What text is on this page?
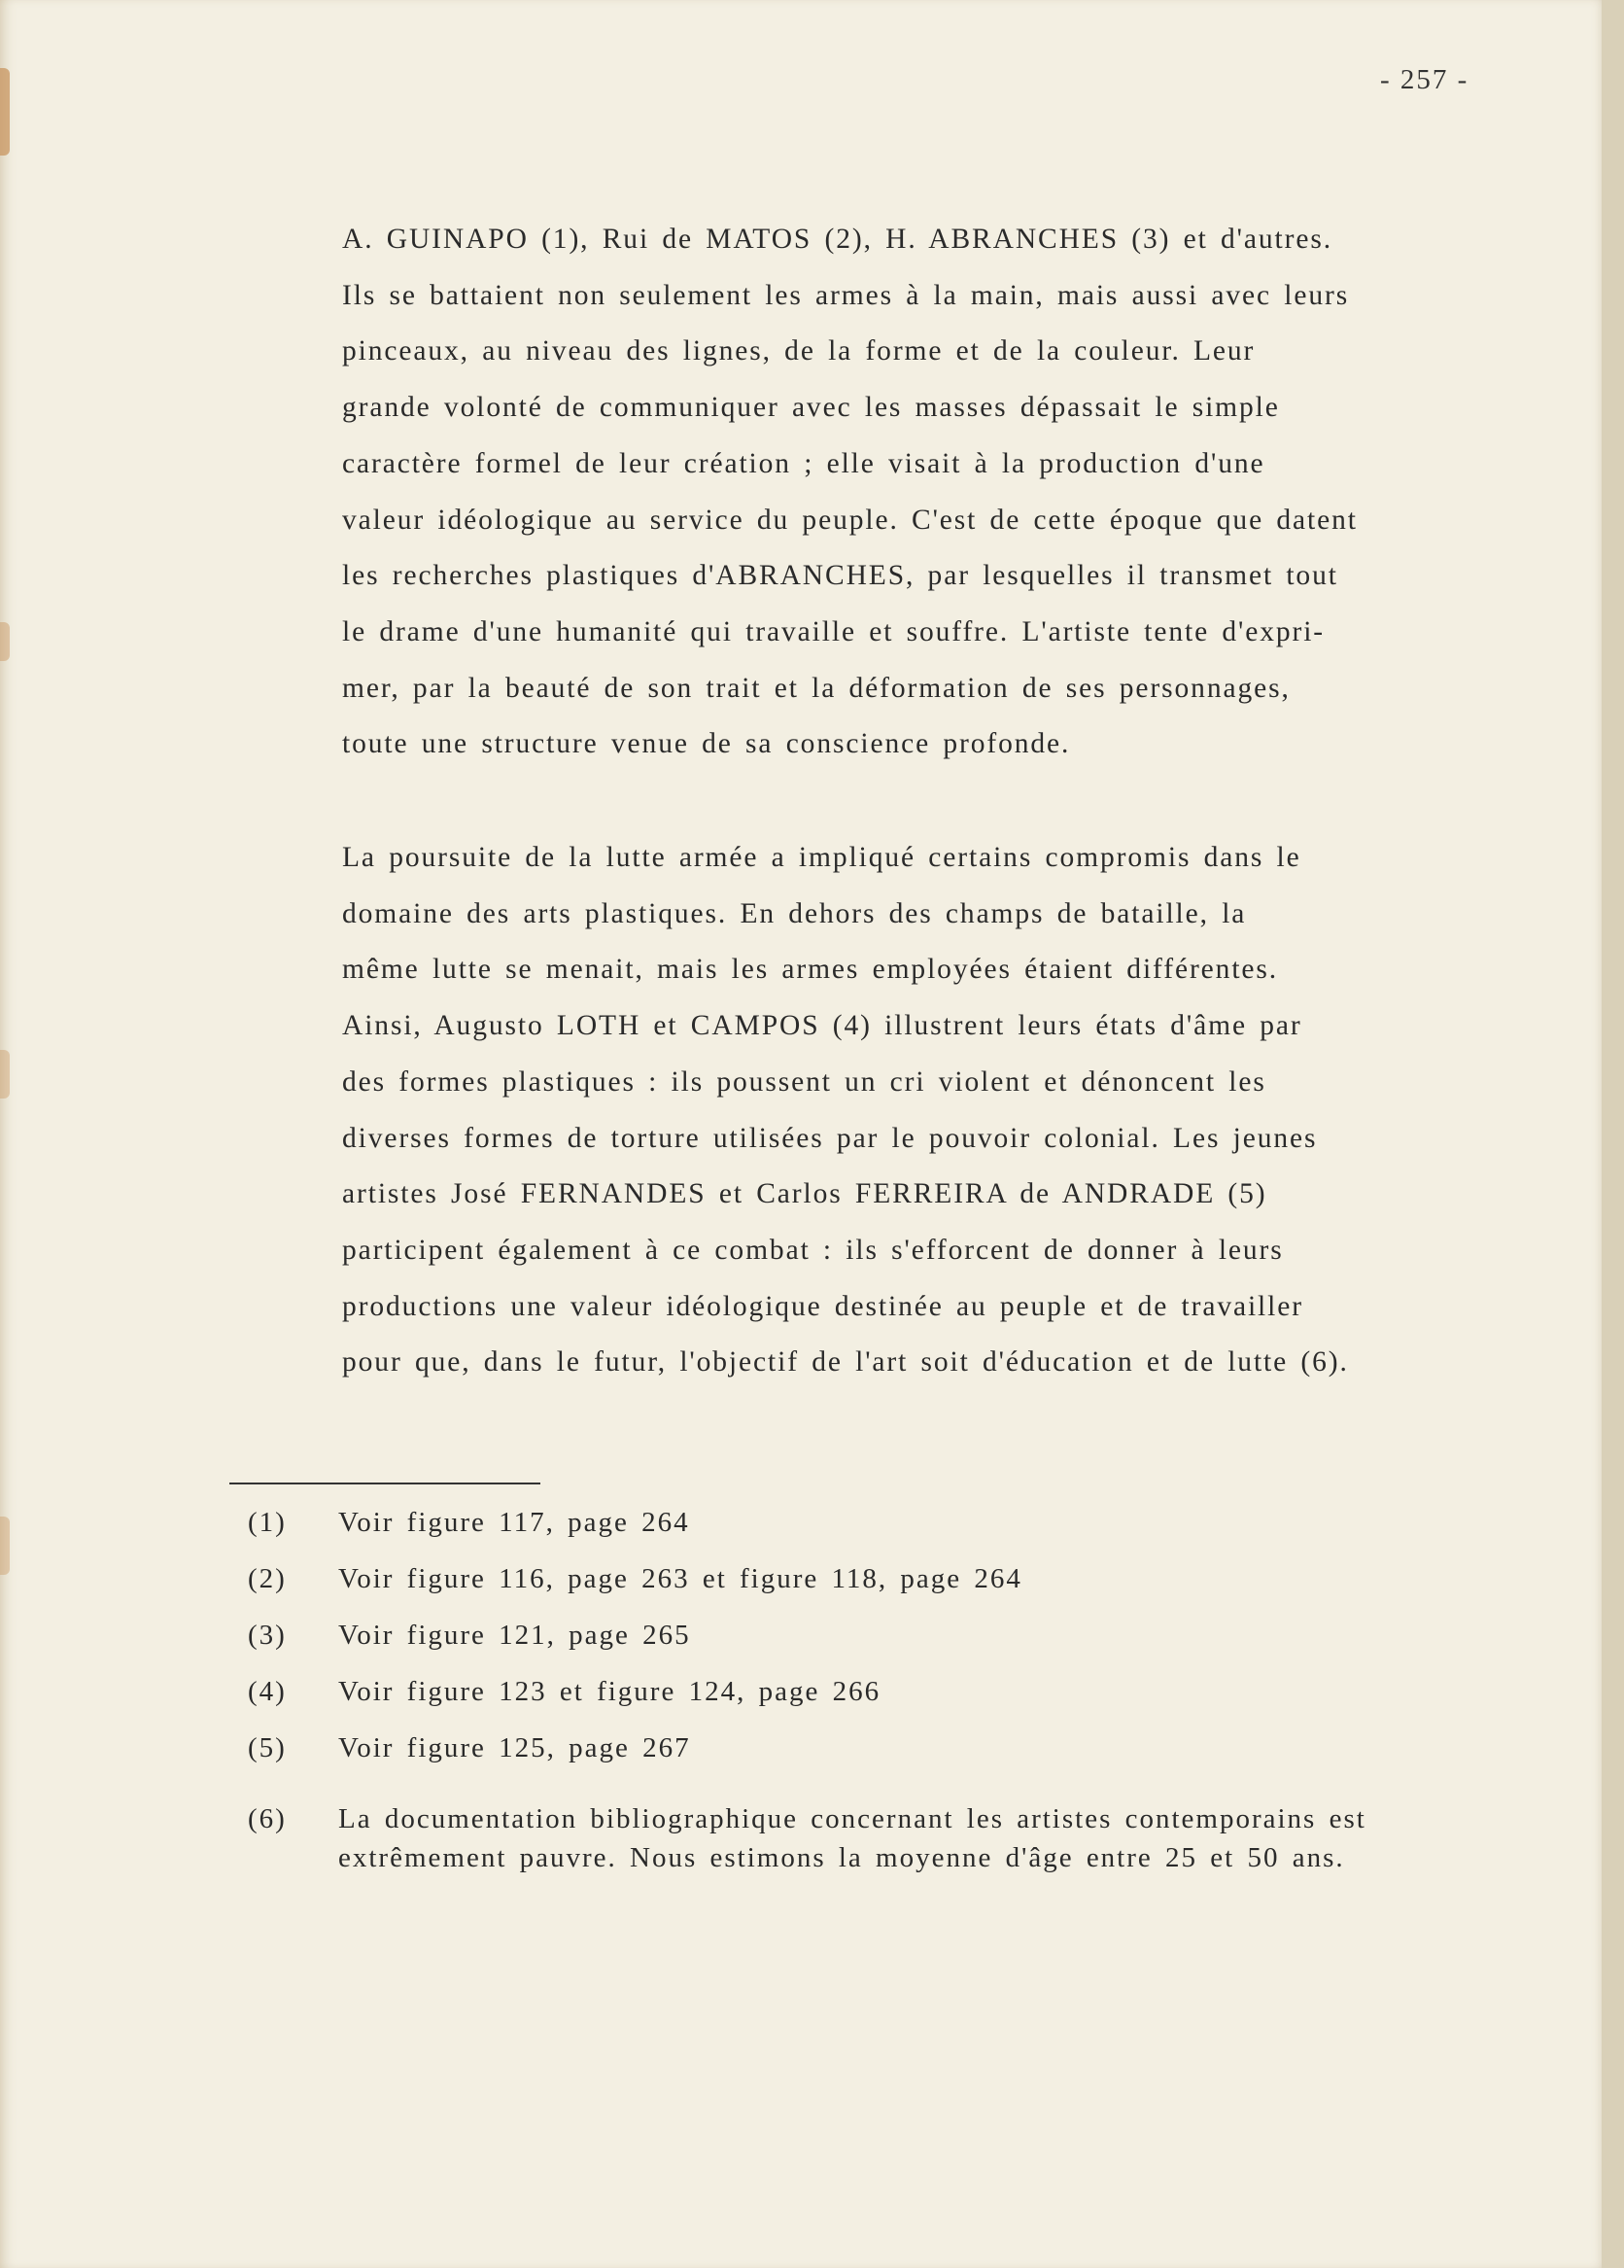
- 257 -
A. GUINAPO (1), Rui de MATOS (2), H. ABRANCHES (3) et d'autres.
Ils se battaient non seulement les armes à la main, mais aussi avec leurs
pinceaux, au niveau des lignes, de la forme et de la couleur. Leur
grande volonté de communiquer avec les masses dépassait le simple
caractère formel de leur création ; elle visait à la production d'une
valeur idéologique au service du peuple. C'est de cette époque que datent
les recherches plastiques d'ABRANCHES, par lesquelles il transmet tout
le drame d'une humanité qui travaille et souffre. L'artiste tente d'expri-
mer, par la beauté de son trait et la déformation de ses personnages,
toute une structure venue de sa conscience profonde.
La poursuite de la lutte armée a impliqué certains compromis dans le
domaine des arts plastiques. En dehors des champs de bataille, la
même lutte se menait, mais les armes employées étaient différentes.
Ainsi, Augusto LOTH et CAMPOS (4) illustrent leurs états d'âme par
des formes plastiques : ils poussent un cri violent et dénoncent les
diverses formes de torture utilisées par le pouvoir colonial. Les jeunes
artistes José FERNANDES et Carlos FERREIRA de ANDRADE (5)
participent également à ce combat : ils s'efforcent de donner à leurs
productions une valeur idéologique destinée au peuple et de travailler
pour que, dans le futur, l'objectif de l'art soit d'éducation et de lutte (6).
(1) Voir figure 117, page 264
(2) Voir figure 116, page 263 et figure 118, page 264
(3) Voir figure 121, page 265
(4) Voir figure 123 et figure 124, page 266
(5) Voir figure 125, page 267
(6) La documentation bibliographique concernant les artistes contemporains est
extrêmement pauvre. Nous estimons la moyenne d'âge entre 25 et 50 ans.
